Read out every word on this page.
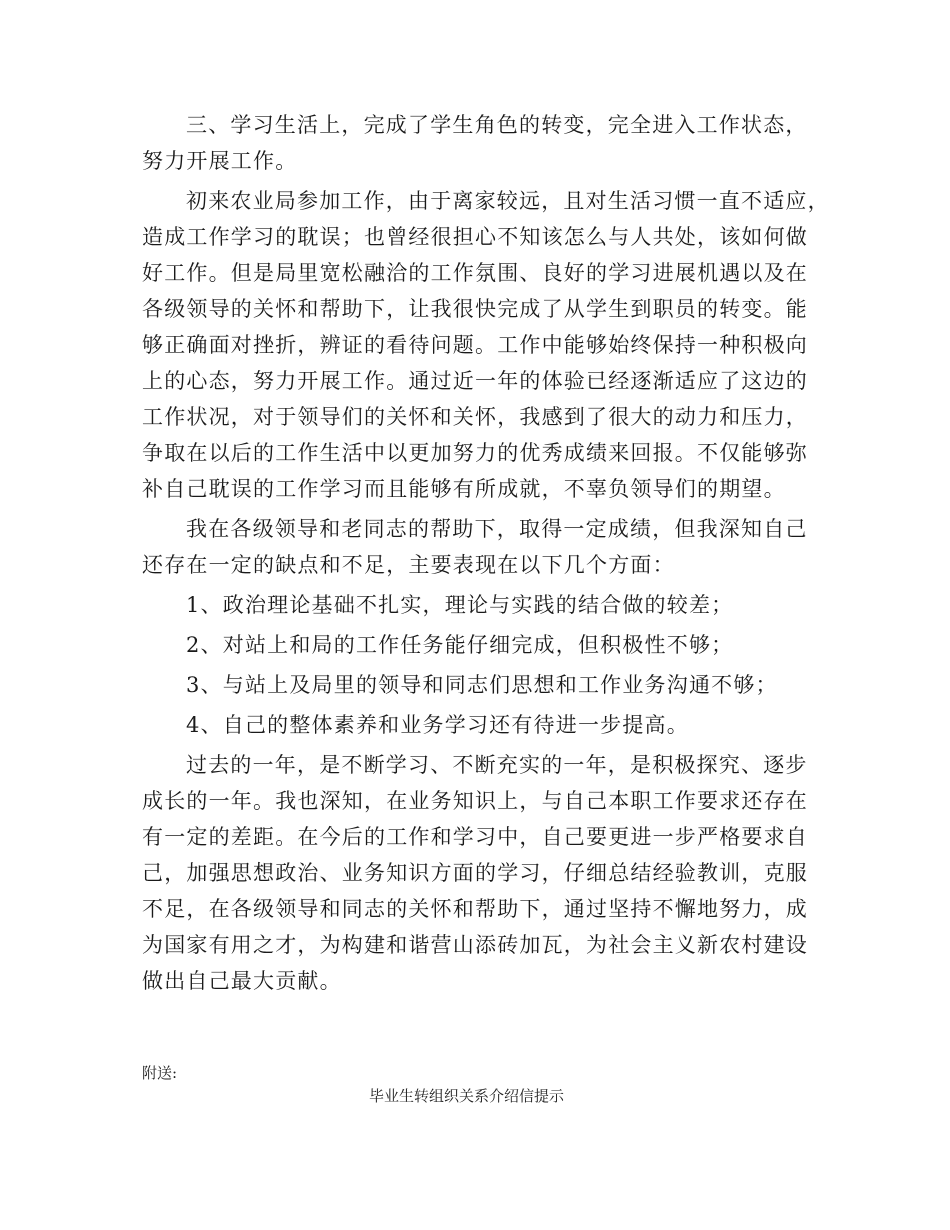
三、学习生活上，完成了学生角色的转变，完全进入工作状态，
努力开展工作。
初来农业局参加工作，由于离家较远，且对生活习惯一直不适应，
造成工作学习的耽误；也曾经很担心不知该怎么与人共处，该如何做
好工作。但是局里宽松融洽的工作氛围、良好的学习进展机遇以及在
各级领导的关怀和帮助下，让我很快完成了从学生到职员的转变。能
够正确面对挫折，辨证的看待问题。工作中能够始终保持一种积极向
上的心态，努力开展工作。通过近一年的体验已经逐渐适应了这边的
工作状况，对于领导们的关怀和关怀，我感到了很大的动力和压力，
争取在以后的工作生活中以更加努力的优秀成绩来回报。不仅能够弥
补自己耽误的工作学习而且能够有所成就，不辜负领导们的期望。
我在各级领导和老同志的帮助下，取得一定成绩，但我深知自己
还存在一定的缺点和不足，主要表现在以下几个方面：
1、政治理论基础不扎实，理论与实践的结合做的较差；
2、对站上和局的工作任务能仔细完成，但积极性不够；
3、与站上及局里的领导和同志们思想和工作业务沟通不够；
4、自己的整体素养和业务学习还有待进一步提高。
过去的一年，是不断学习、不断充实的一年，是积极探究、逐步
成长的一年。我也深知，在业务知识上，与自己本职工作要求还存在
有一定的差距。在今后的工作和学习中，自己要更进一步严格要求自
己，加强思想政治、业务知识方面的学习，仔细总结经验教训，克服
不足，在各级领导和同志的关怀和帮助下，通过坚持不懈地努力，成
为国家有用之才，为构建和谐营山添砖加瓦，为社会主义新农村建设
做出自己最大贡献。
附送:
毕业生转组织关系介绍信提示
